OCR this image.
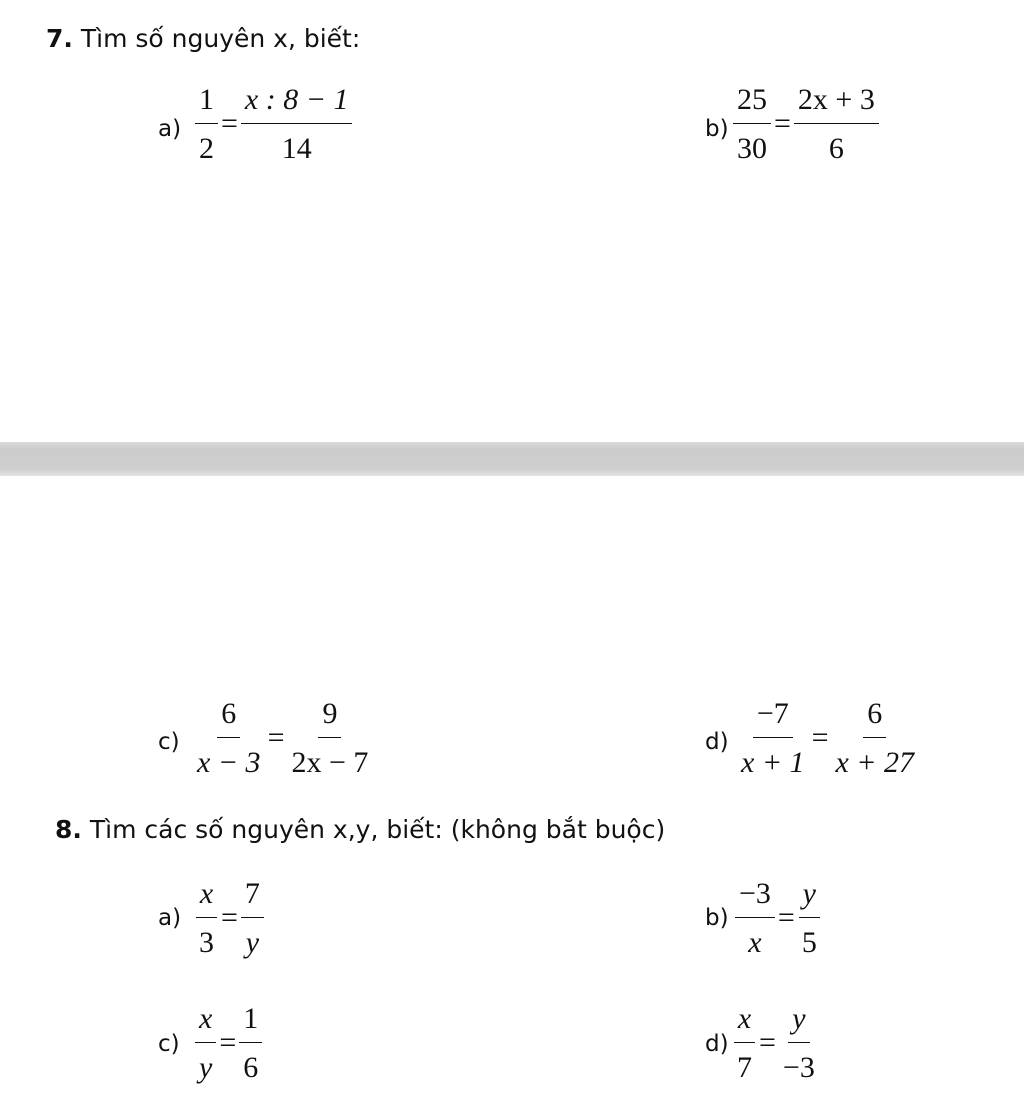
7. Tìm số nguyên x, biết:
$a) \frac{1}{2} = \frac{x : 8 - 1}{14}$	$b) \frac{25}{30} = \frac{2x + 3}{6}$
$c) \frac{6}{x - 3} = \frac{9}{2x - 7}$	$d) \frac{-7}{x + 1} = \frac{6}{x + 27}$
8. Tìm các số nguyên x,y, biết: (không bắt buộc)
$a) \frac{x}{3} = \frac{7}{y}$	$b) \frac{-3}{x} = \frac{y}{5}$
$c) \frac{x}{y} = \frac{1}{6}$	$d) \frac{x}{7} = \frac{y}{-3}$
